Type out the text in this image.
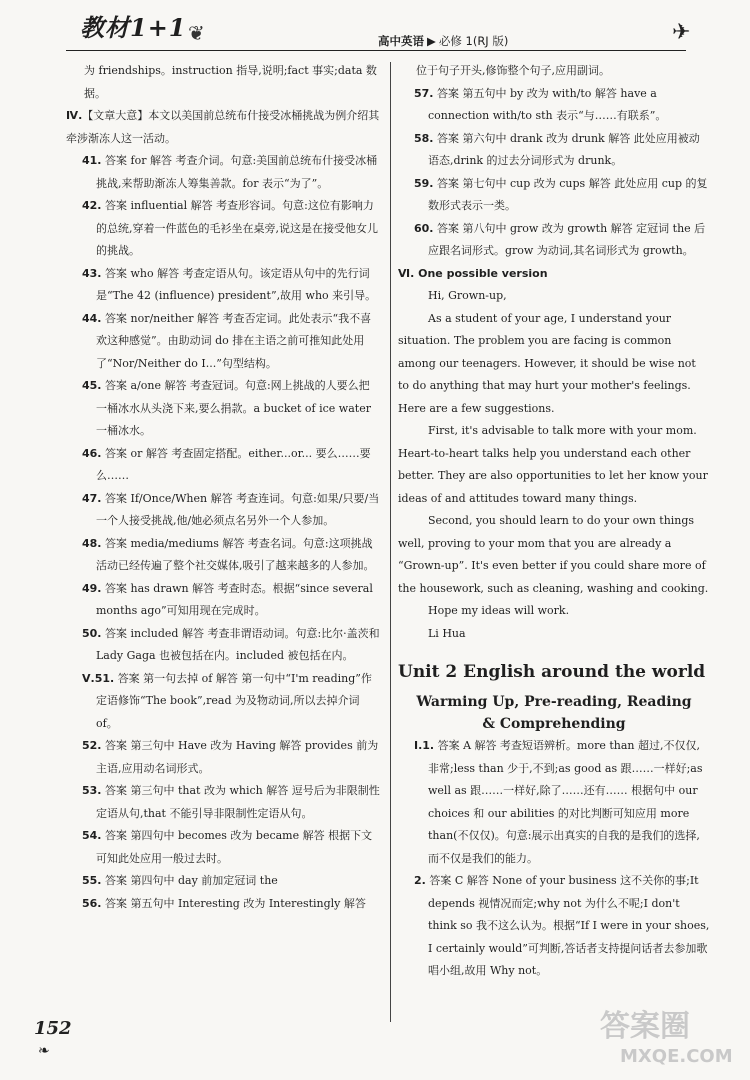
教材1+1 ❦	高中英语 ▶ 必修 1(RJ 版)	✈

为 friendships。instruction 指导,说明;fact 事实;data 数据。

Ⅳ.【文章大意】本文以美国前总统布什接受冰桶挑战为例介绍其牵涉渐冻人这一活动。

41. 答案 for 解答 考查介词。句意:美国前总统布什接受冰桶挑战,来帮助渐冻人筹集善款。for 表示“为了”。

42. 答案 influential 解答 考查形容词。句意:这位有影响力的总统,穿着一件蓝色的毛衫坐在桌旁,说这是在接受他女儿的挑战。

43. 答案 who 解答 考查定语从句。该定语从句中的先行词是“The 42 (influence) president”,故用 who 来引导。

44. 答案 nor/neither 解答 考查否定词。此处表示“我不喜欢这种感觉”。由助动词 do 排在主语之前可推知此处用了“Nor/Neither do I...”句型结构。

45. 答案 a/one 解答 考查冠词。句意:网上挑战的人要么把一桶冰水从头浇下来,要么捐款。a bucket of ice water 一桶冰水。

46. 答案 or 解答 考查固定搭配。either...or... 要么……要么……

47. 答案 If/Once/When 解答 考查连词。句意:如果/只要/当一个人接受挑战,他/她必须点名另外一个人参加。

48. 答案 media/mediums 解答 考查名词。句意:这项挑战活动已经传遍了整个社交媒体,吸引了越来越多的人参加。

49. 答案 has drawn 解答 考查时态。根据“since several months ago”可知用现在完成时。

50. 答案 included 解答 考查非谓语动词。句意:比尔·盖茨和 Lady Gaga 也被包括在内。included 被包括在内。

Ⅴ.51. 答案 第一句去掉 of 解答 第一句中“I'm reading”作定语修饰“The book”,read 为及物动词,所以去掉介词 of。

52. 答案 第三句中 Have 改为 Having 解答 provides 前为主语,应用动名词形式。

53. 答案 第三句中 that 改为 which 解答 逗号后为非限制性定语从句,that 不能引导非限制性定语从句。

54. 答案 第四句中 becomes 改为 became 解答 根据下文可知此处应用一般过去时。

55. 答案 第四句中 day 前加定冠词 the

56. 答案 第五句中 Interesting 改为 Interestingly 解答

位于句子开头,修饰整个句子,应用副词。

57. 答案 第五句中 by 改为 with/to 解答 have a connection with/to sth 表示“与……有联系”。

58. 答案 第六句中 drank 改为 drunk 解答 此处应用被动语态,drink 的过去分词形式为 drunk。

59. 答案 第七句中 cup 改为 cups 解答 此处应用 cup 的复数形式表示一类。

60. 答案 第八句中 grow 改为 growth 解答 定冠词 the 后应跟名词形式。grow 为动词,其名词形式为 growth。

Ⅵ. One possible version

Hi, Grown-up,

As a student of your age, I understand your situation. The problem you are facing is common among our teenagers. However, it should be wise not to do anything that may hurt your mother's feelings. Here are a few suggestions.

First, it's advisable to talk more with your mom. Heart-to-heart talks help you understand each other better. They are also opportunities to let her know your ideas of and attitudes toward many things.

Second, you should learn to do your own things well, proving to your mom that you are already a “Grown-up”. It's even better if you could share more of the housework, such as cleaning, washing and cooking.

Hope my ideas will work.

Li Hua

Unit 2 English around the world
Warming Up, Pre-reading, Reading
& Comprehending

Ⅰ.1. 答案 A 解答 考查短语辨析。more than 超过,不仅仅,非常;less than 少于,不到;as good as 跟……一样好;as well as 跟……一样好,除了……还有…… 根据句中 our choices 和 our abilities 的对比判断可知应用 more than(不仅仅)。句意:展示出真实的自我的是我们的选择,而不仅是我们的能力。

2. 答案 C 解答 None of your business 这不关你的事;It depends 视情况而定;why not 为什么不呢;I don't think so 我不这么认为。根据“If I were in your shoes, I certainly would”可判断,答话者支持提问话者去参加歌唱小组,故用 Why not。

152
❧
答案圈
MXQE.COM
